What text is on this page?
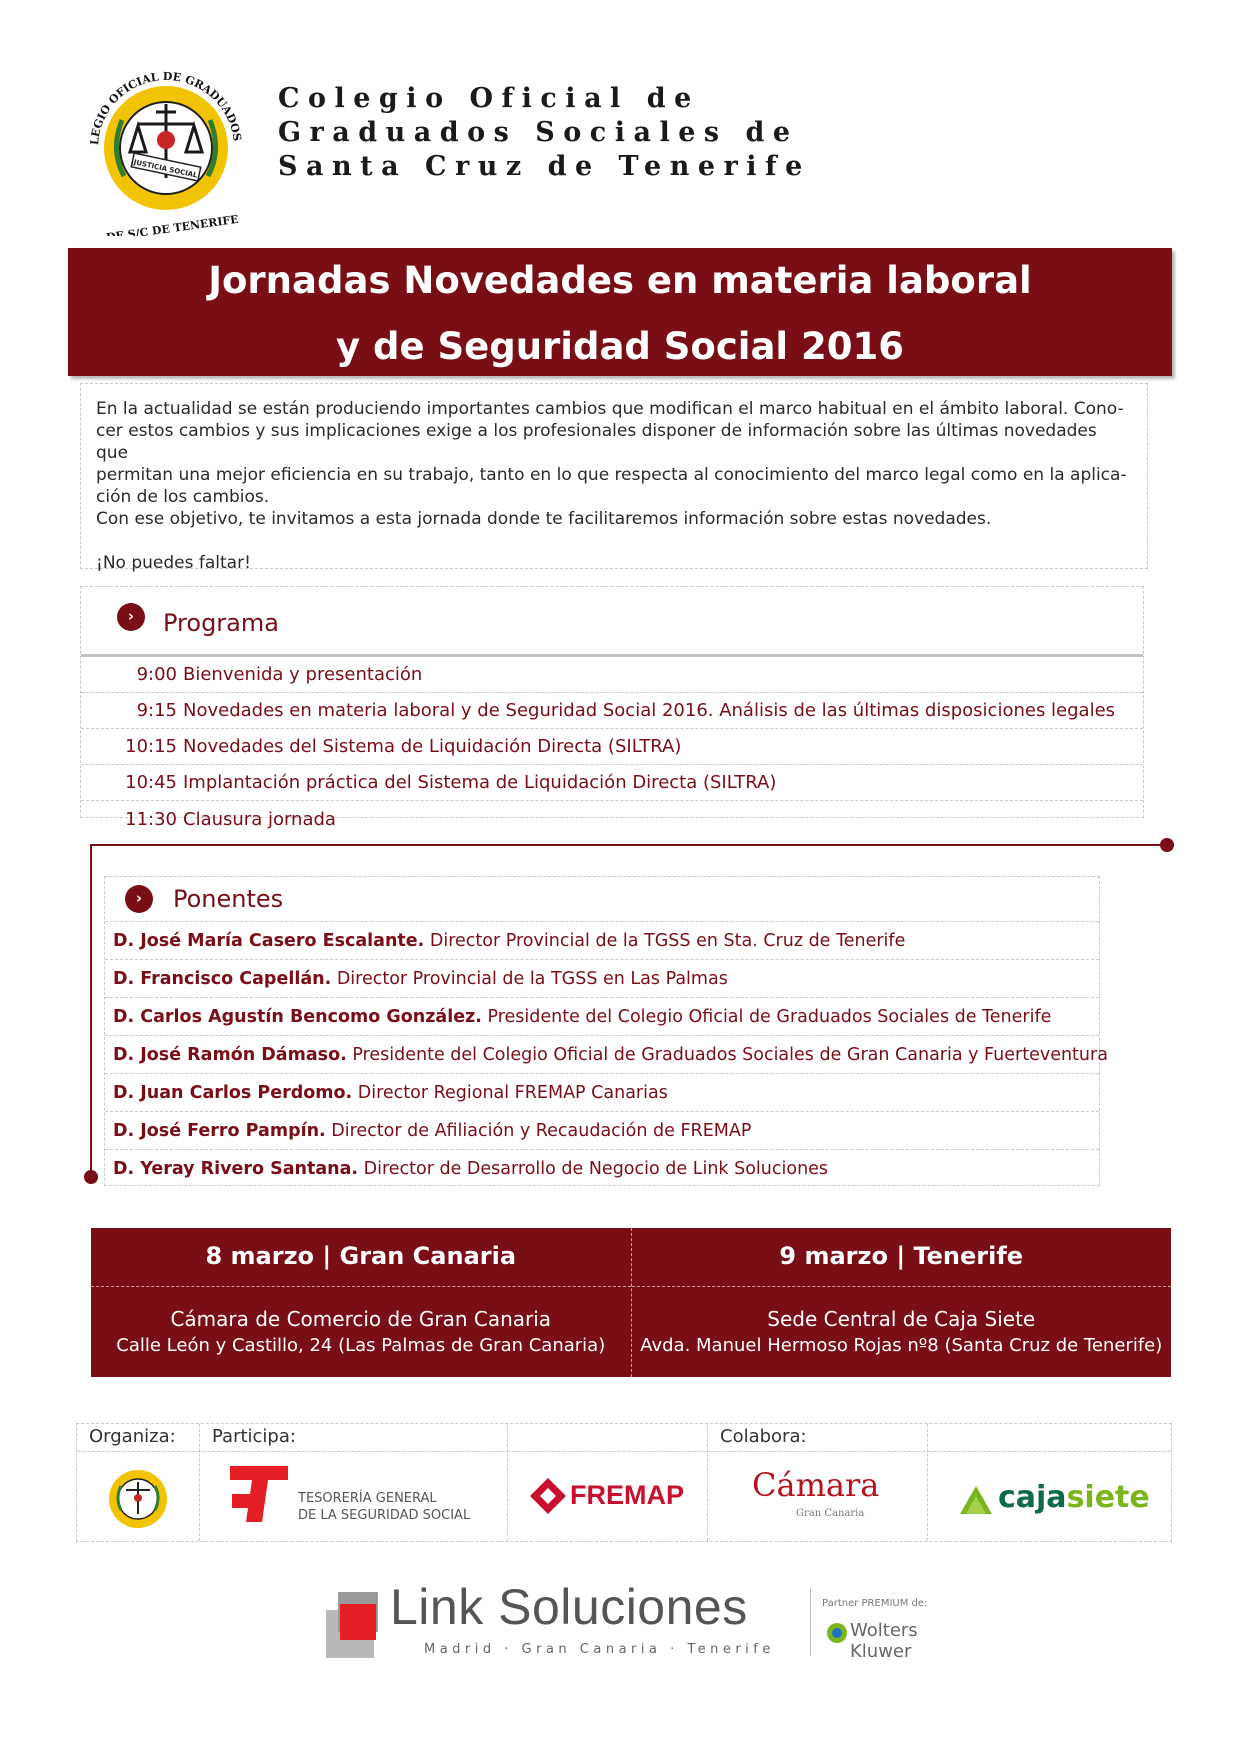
JUSTICIA SOCIAL
LEGIO OFICIAL DE GRADUADOS
DE S/C DE TENERIFE
Colegio Oficial de
Graduados Sociales de
Santa Cruz de Tenerife
Jornadas Novedades en materia laboral
y de Seguridad Social 2016

En la actualidad se están produciendo importantes cambios que modifican el marco habitual en el ámbito laboral. Cono-

cer estos cambios y sus implicaciones exige a los profesionales disponer de información sobre las últimas novedades que

permitan una mejor eficiencia en su trabajo, tanto en lo que respecta al conocimiento del marco legal como en la aplica-

ción de los cambios.

Con ese objetivo, te invitamos a esta jornada donde te facilitaremos información sobre estas novedades.

¡No puedes faltar!

›	Programa
9:00 Bienvenida y presentación
9:15 Novedades en materia laboral y de Seguridad Social 2016. Análisis de las últimas disposiciones legales
10:15 Novedades del Sistema de Liquidación Directa (SILTRA)
10:45 Implantación práctica del Sistema de Liquidación Directa (SILTRA)
11:30 Clausura jornada
›	Ponentes
D. José María Casero Escalante. Director Provincial de la TGSS en Sta. Cruz de Tenerife
D. Francisco Capellán. Director Provincial de la TGSS en Las Palmas
D. Carlos Agustín Bencomo González. Presidente del Colegio Oficial de Graduados Sociales de Tenerife
D. José Ramón Dámaso. Presidente del Colegio Oficial de Graduados Sociales de Gran Canaria y Fuerteventura
D. Juan Carlos Perdomo. Director Regional FREMAP Canarias
D. José Ferro Pampín. Director de Afiliación y Recaudación de FREMAP
D. Yeray Rivero Santana. Director de Desarrollo de Negocio de Link Soluciones
8 marzo | Gran Canaria
Cámara de Comercio de Gran Canaria
Calle León y Castillo, 24 (Las Palmas de Gran Canaria)
9 marzo | Tenerife
Sede Central de Caja Siete
Avda. Manuel Hermoso Rojas nº8 (Santa Cruz de Tenerife)
Organiza: Participa:
TESORERÍA GENERAL
DE LA SEGURIDAD SOCIAL
FREMAP
Colabora:
Cámara
Gran Canaria	cajasiete
Link Soluciones
Madrid · Gran Canaria · Tenerife
Partner PREMIUM de:
Wolters Kluwer
